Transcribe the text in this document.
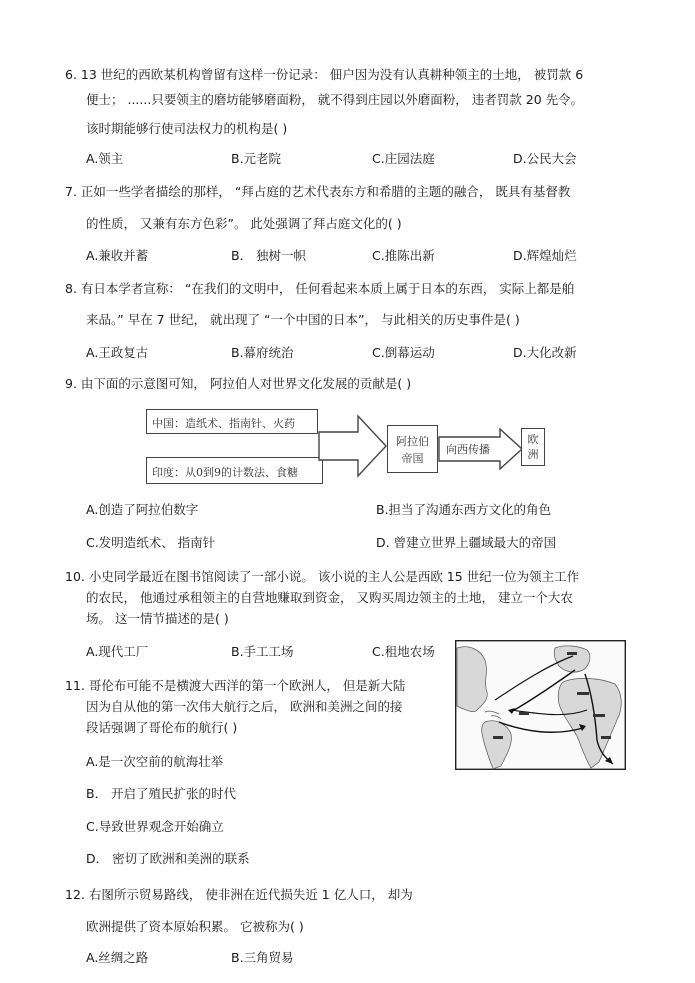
6. 13 世纪的西欧某机构曾留有这样一份记录： 佃户因为没有认真耕种领主的土地， 被罚款 6
便士； ......只要领主的磨坊能够磨面粉， 就不得到庄园以外磨面粉， 违者罚款 20 先令。
该时期能够行使司法权力的机构是( )
A.领主	B.元老院	C.庄园法庭	D.公民大会
7. 正如一些学者描绘的那样， “拜占庭的艺术代表东方和希腊的主题的融合， 既具有基督教
的性质， 又兼有东方色彩”。 此处强调了拜占庭文化的( )
A.兼收并蓄	B． 独树一帜	C.推陈出新	D.辉煌灿烂
8. 有日本学者宣称： “在我们的文明中， 任何看起来本质上属于日本的东西， 实际上都是舶
来品。” 早在 7 世纪， 就出现了 “一个中国的日本”， 与此相关的历史事件是( )
A.王政复古	B.幕府统治	C.倒幕运动	D.大化改新
9. 由下面的示意图可知， 阿拉伯人对世界文化发展的贡献是( )
中国：造纸术、指南针、火药
印度：从0到9的计数法、食糖
阿拉伯
帝国
向西传播
欧
洲
A.创造了阿拉伯数字	B.担当了沟通东西方文化的角色
C.发明造纸术、 指南针	D. 曾建立世界上疆域最大的帝国
10. 小史同学最近在图书馆阅读了一部小说。 该小说的主人公是西欧 15 世纪一位为领主工作
的农民， 他通过承租领主的自营地赚取到资金， 又购买周边领主的土地， 建立一个大农
场。 这一情节描述的是( )
A.现代工厂	B.手工工场	C.租地农场
11. 哥伦布可能不是横渡大西洋的第一个欧洲人， 但是新大陆
因为自从他的第一次伟大航行之后， 欧洲和美洲之间的接
段话强调了哥伦布的航行( )
A.是一次空前的航海壮举
B． 开启了殖民扩张的时代
C.导致世界观念开始确立
D． 密切了欧洲和美洲的联系
12. 右图所示贸易路线， 使非洲在近代损失近 1 亿人口， 却为
欧洲提供了资本原始积累。 它被称为( )
A.丝绸之路	B.三角贸易
